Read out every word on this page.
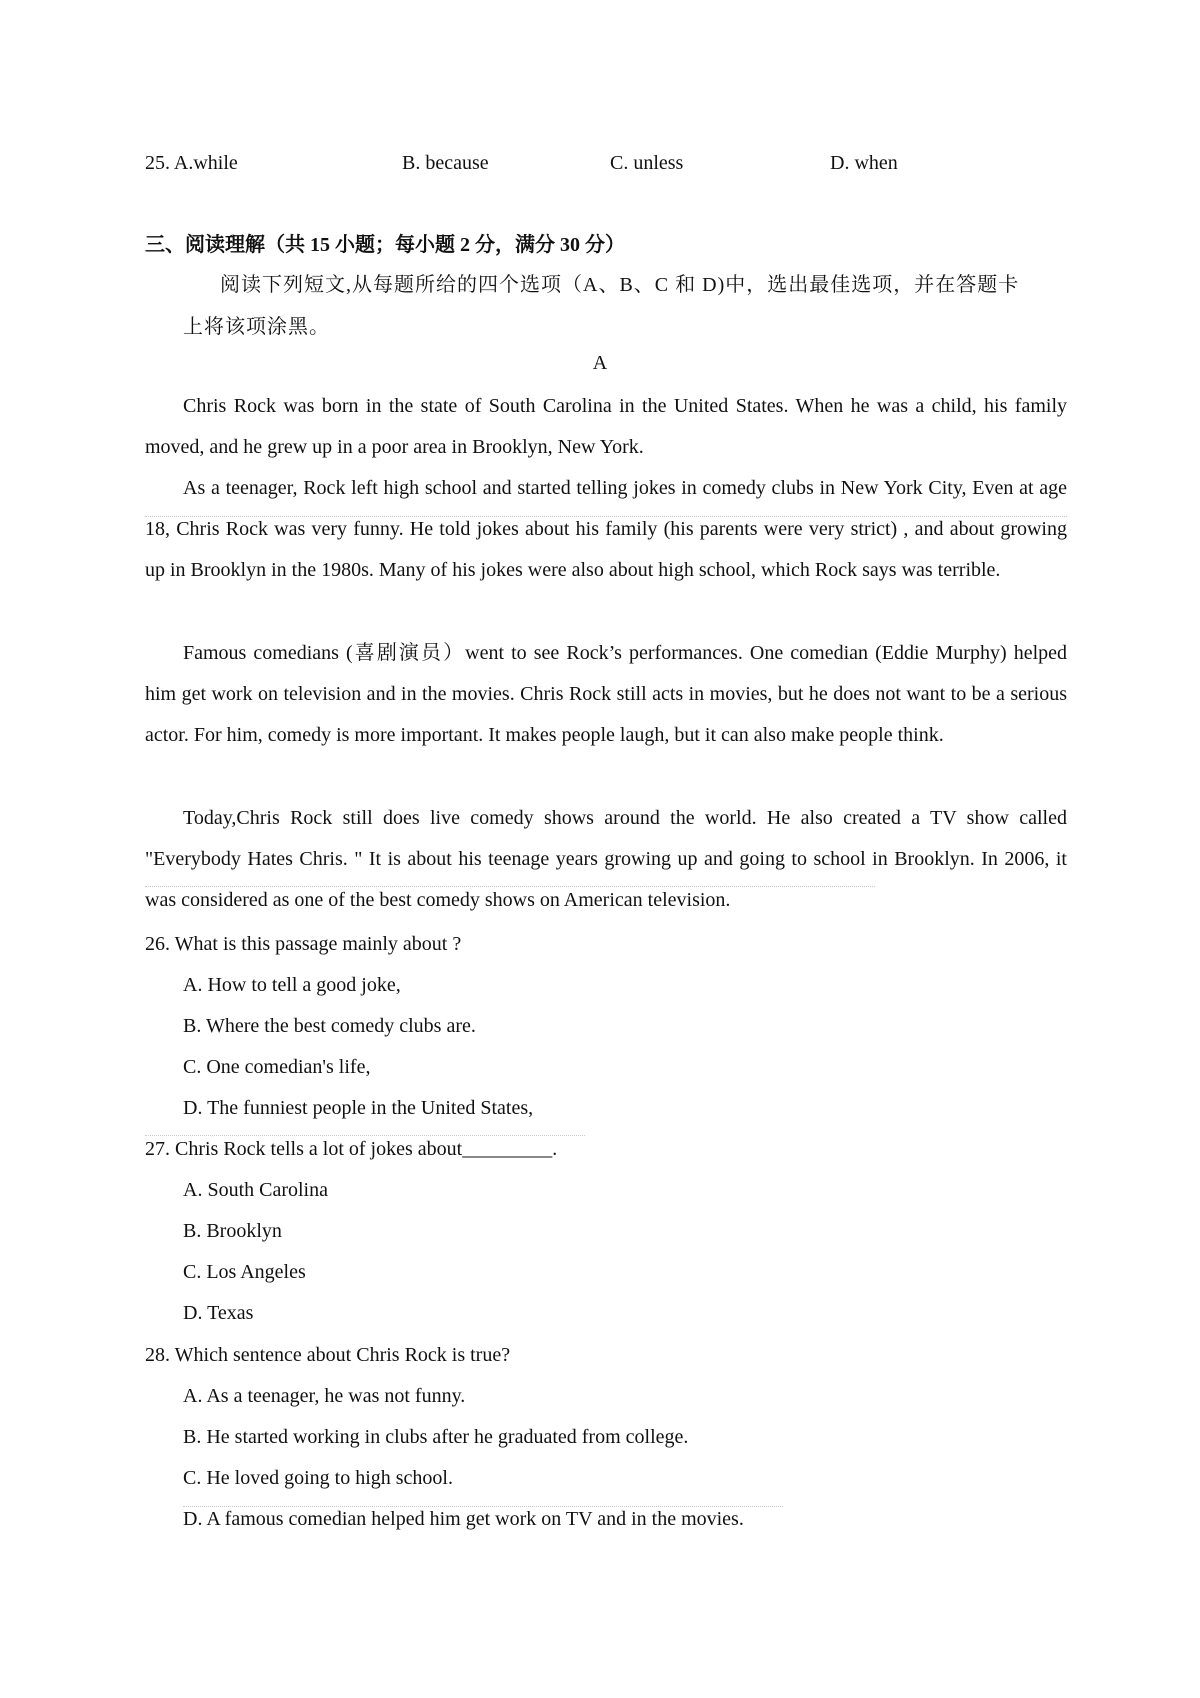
25. A.while	B. because	C. unless	D. when
三、阅读理解（共 15 小题；每小题 2 分，满分 30 分）
阅读下列短文,从每题所给的四个选项（A、B、C 和 D)中，选出最佳选项，并在答题卡
上将该项涂黑。
A
Chris Rock was born in the state of South Carolina in the United States. When he was a child, his family moved, and he grew up in a poor area in Brooklyn, New York.
As a teenager, Rock left high school and started telling jokes in comedy clubs in New York City, Even at age 18, Chris Rock was very funny. He told jokes about his family (his parents were very strict) , and about growing up in Brooklyn in the 1980s. Many of his jokes were also about high school, which Rock says was terrible.
Famous comedians (喜剧演员）went to see Rock’s performances. One comedian (Eddie Murphy) helped him get work on television and in the movies. Chris Rock still acts in movies, but he does not want to be a serious actor. For him, comedy is more important. It makes people laugh, but it can also make people think.
Today,Chris Rock still does live comedy shows around the world. He also created a TV show called "Everybody Hates Chris. " It is about his teenage years growing up and going to school in Brooklyn. In 2006, it was considered as one of the best comedy shows on American television.
26. What is this passage mainly about ?
A. How to tell a good joke,
B. Where the best comedy clubs are.
C. One comedian's life,
D. The funniest people in the United States,
27. Chris Rock tells a lot of jokes about_________.
A. South Carolina
B. Brooklyn
C. Los Angeles
D. Texas
28. Which sentence about Chris Rock is true?
A. As a teenager, he was not funny.
B. He started working in clubs after he graduated from college.
C. He loved going to high school.
D. A famous comedian helped him get work on TV and in the movies.
